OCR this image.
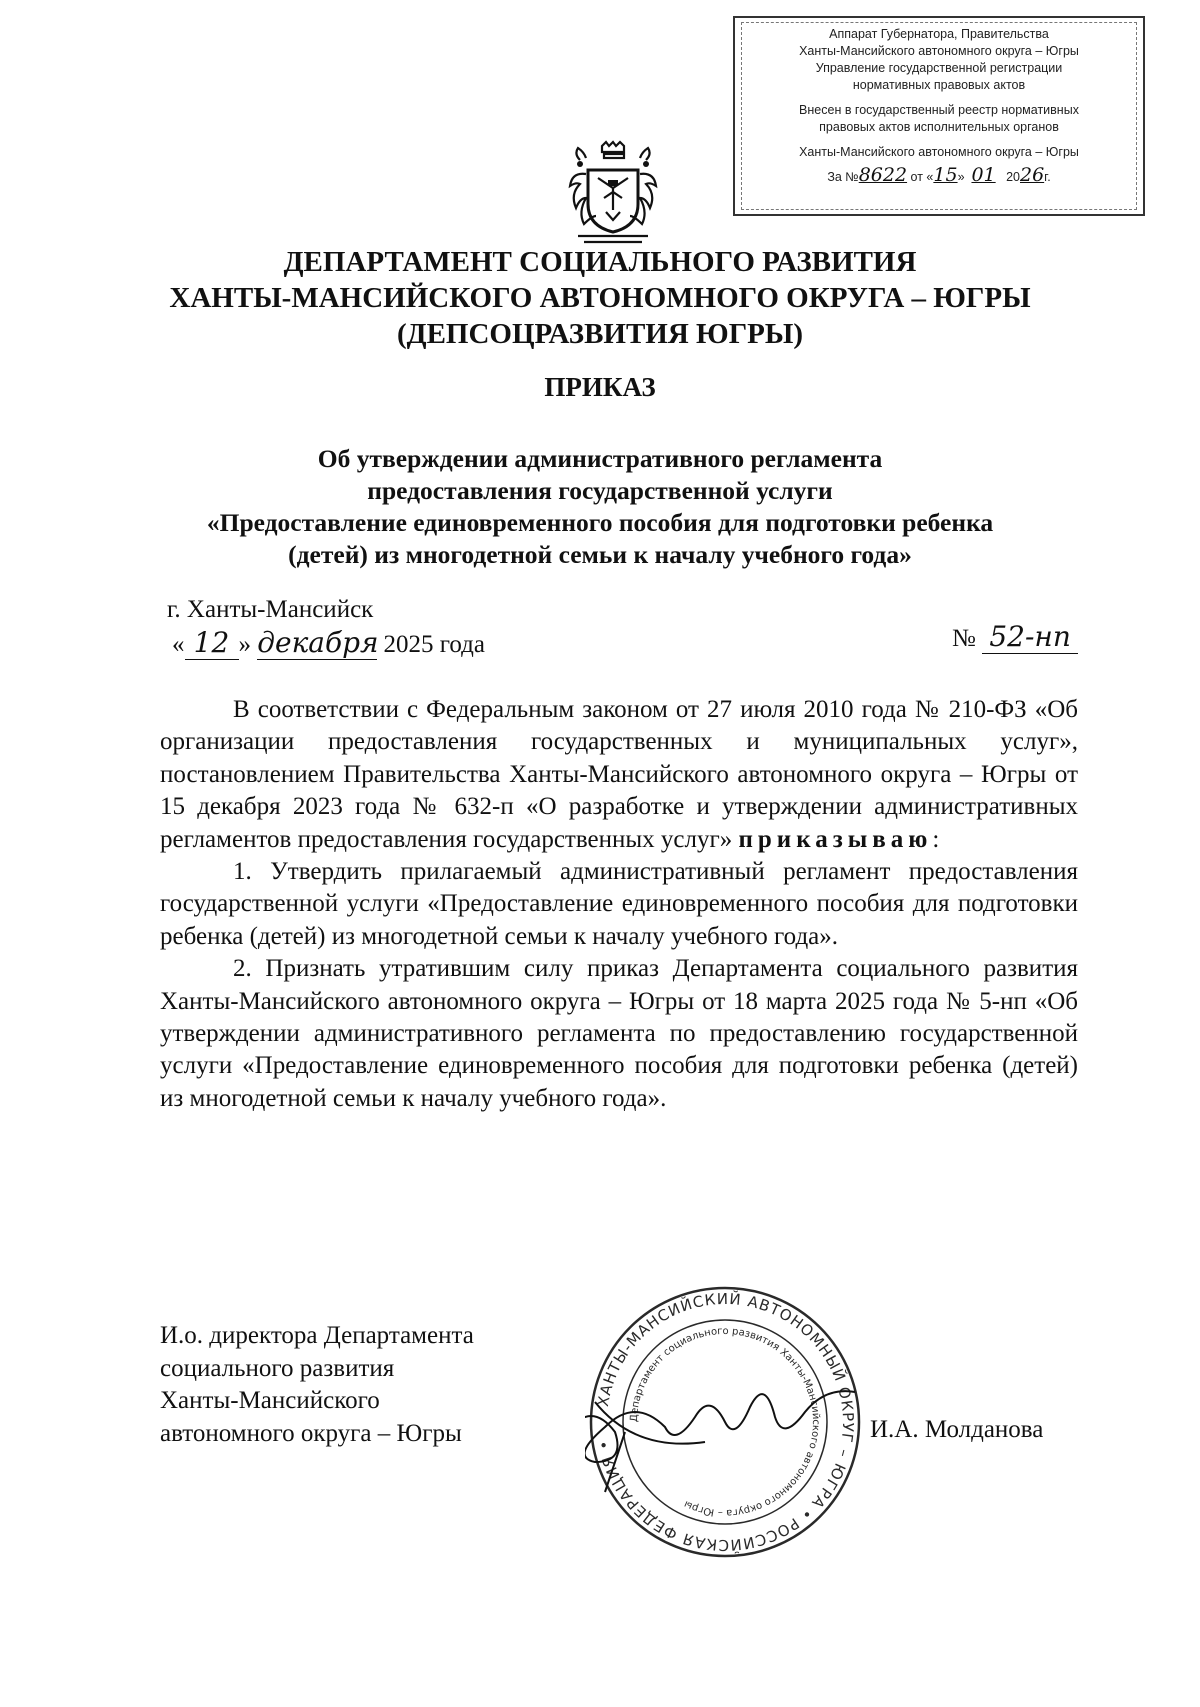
Аппарат Губернатора, Правительства
Ханты-Мансийского автономного округа – Югры
Управление государственной регистрации
нормативных правовых актов
Внесен в государственный реестр нормативных
правовых актов исполнительных органов
Ханты-Мансийского автономного округа – Югры
За №8622 от «15» 01 2026г.
ДЕПАРТАМЕНТ СОЦИАЛЬНОГО РАЗВИТИЯ
ХАНТЫ-МАНСИЙСКОГО АВТОНОМНОГО ОКРУГА – ЮГРЫ
(ДЕПСОЦРАЗВИТИЯ ЮГРЫ)
ПРИКАЗ
Об утверждении административного регламента
предоставления государственной услуги
«Предоставление единовременного пособия для подготовки ребенка
(детей) из многодетной семьи к началу учебного года»
г. Ханты-Мансийск
« 12 » декабря 2025 года	№ 52-нп

В соответствии с Федеральным законом от 27 июля 2010 года № 210-ФЗ «Об организации предоставления государственных и муниципальных услуг», постановлением Правительства Ханты-Мансийского автономного округа – Югры от 15 декабря 2023 года № 632-п «О разработке и утверждении административных регламентов предоставления государственных услуг» приказываю:

1. Утвердить прилагаемый административный регламент предоставления государственной услуги «Предоставление единовременного пособия для подготовки ребенка (детей) из многодетной семьи к началу учебного года».

2. Признать утратившим силу приказ Департамента социального развития Ханты-Мансийского автономного округа – Югры от 18 марта 2025 года № 5-нп «Об утверждении административного регламента по предоставлению государственной услуги «Предоставление единовременного пособия для подготовки ребенка (детей) из многодетной семьи к началу учебного года».

И.о. директора Департамента
социального развития
Ханты-Мансийского
автономного округа – Югры
ХАНТЫ-МАНСИЙСКИЙ АВТОНОМНЫЙ ОКРУГ – ЮГРА • РОССИЙСКАЯ ФЕДЕРАЦИЯ •
Департамент социального развития Ханты-Мансийского автономного округа – Югры
И.А. Молданова
